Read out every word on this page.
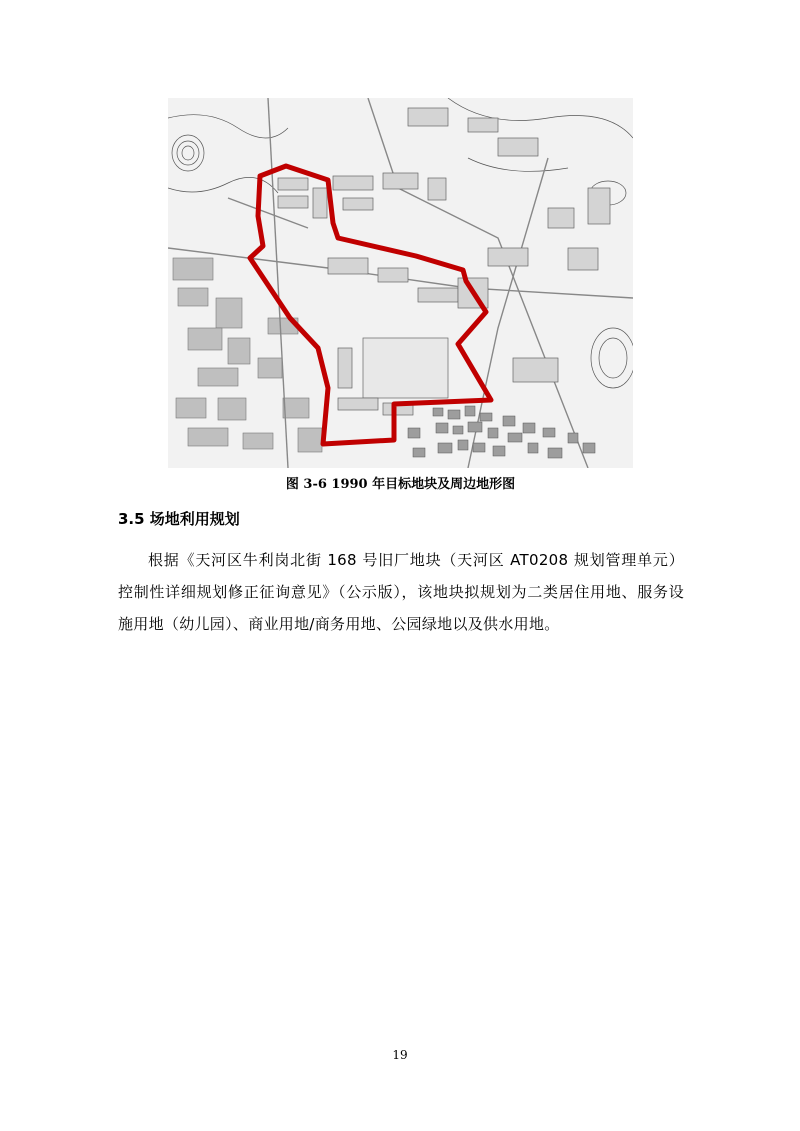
图 3-6 1990 年目标地块及周边地形图
3.5 场地利用规划
根据《天河区牛利岗北街 168 号旧厂地块（天河区 AT0208 规划管理单元）控制性详细规划修正征询意见》（公示版），该地块拟规划为二类居住用地、服务设施用地（幼儿园）、商业用地/商务用地、公园绿地以及供水用地。
19
